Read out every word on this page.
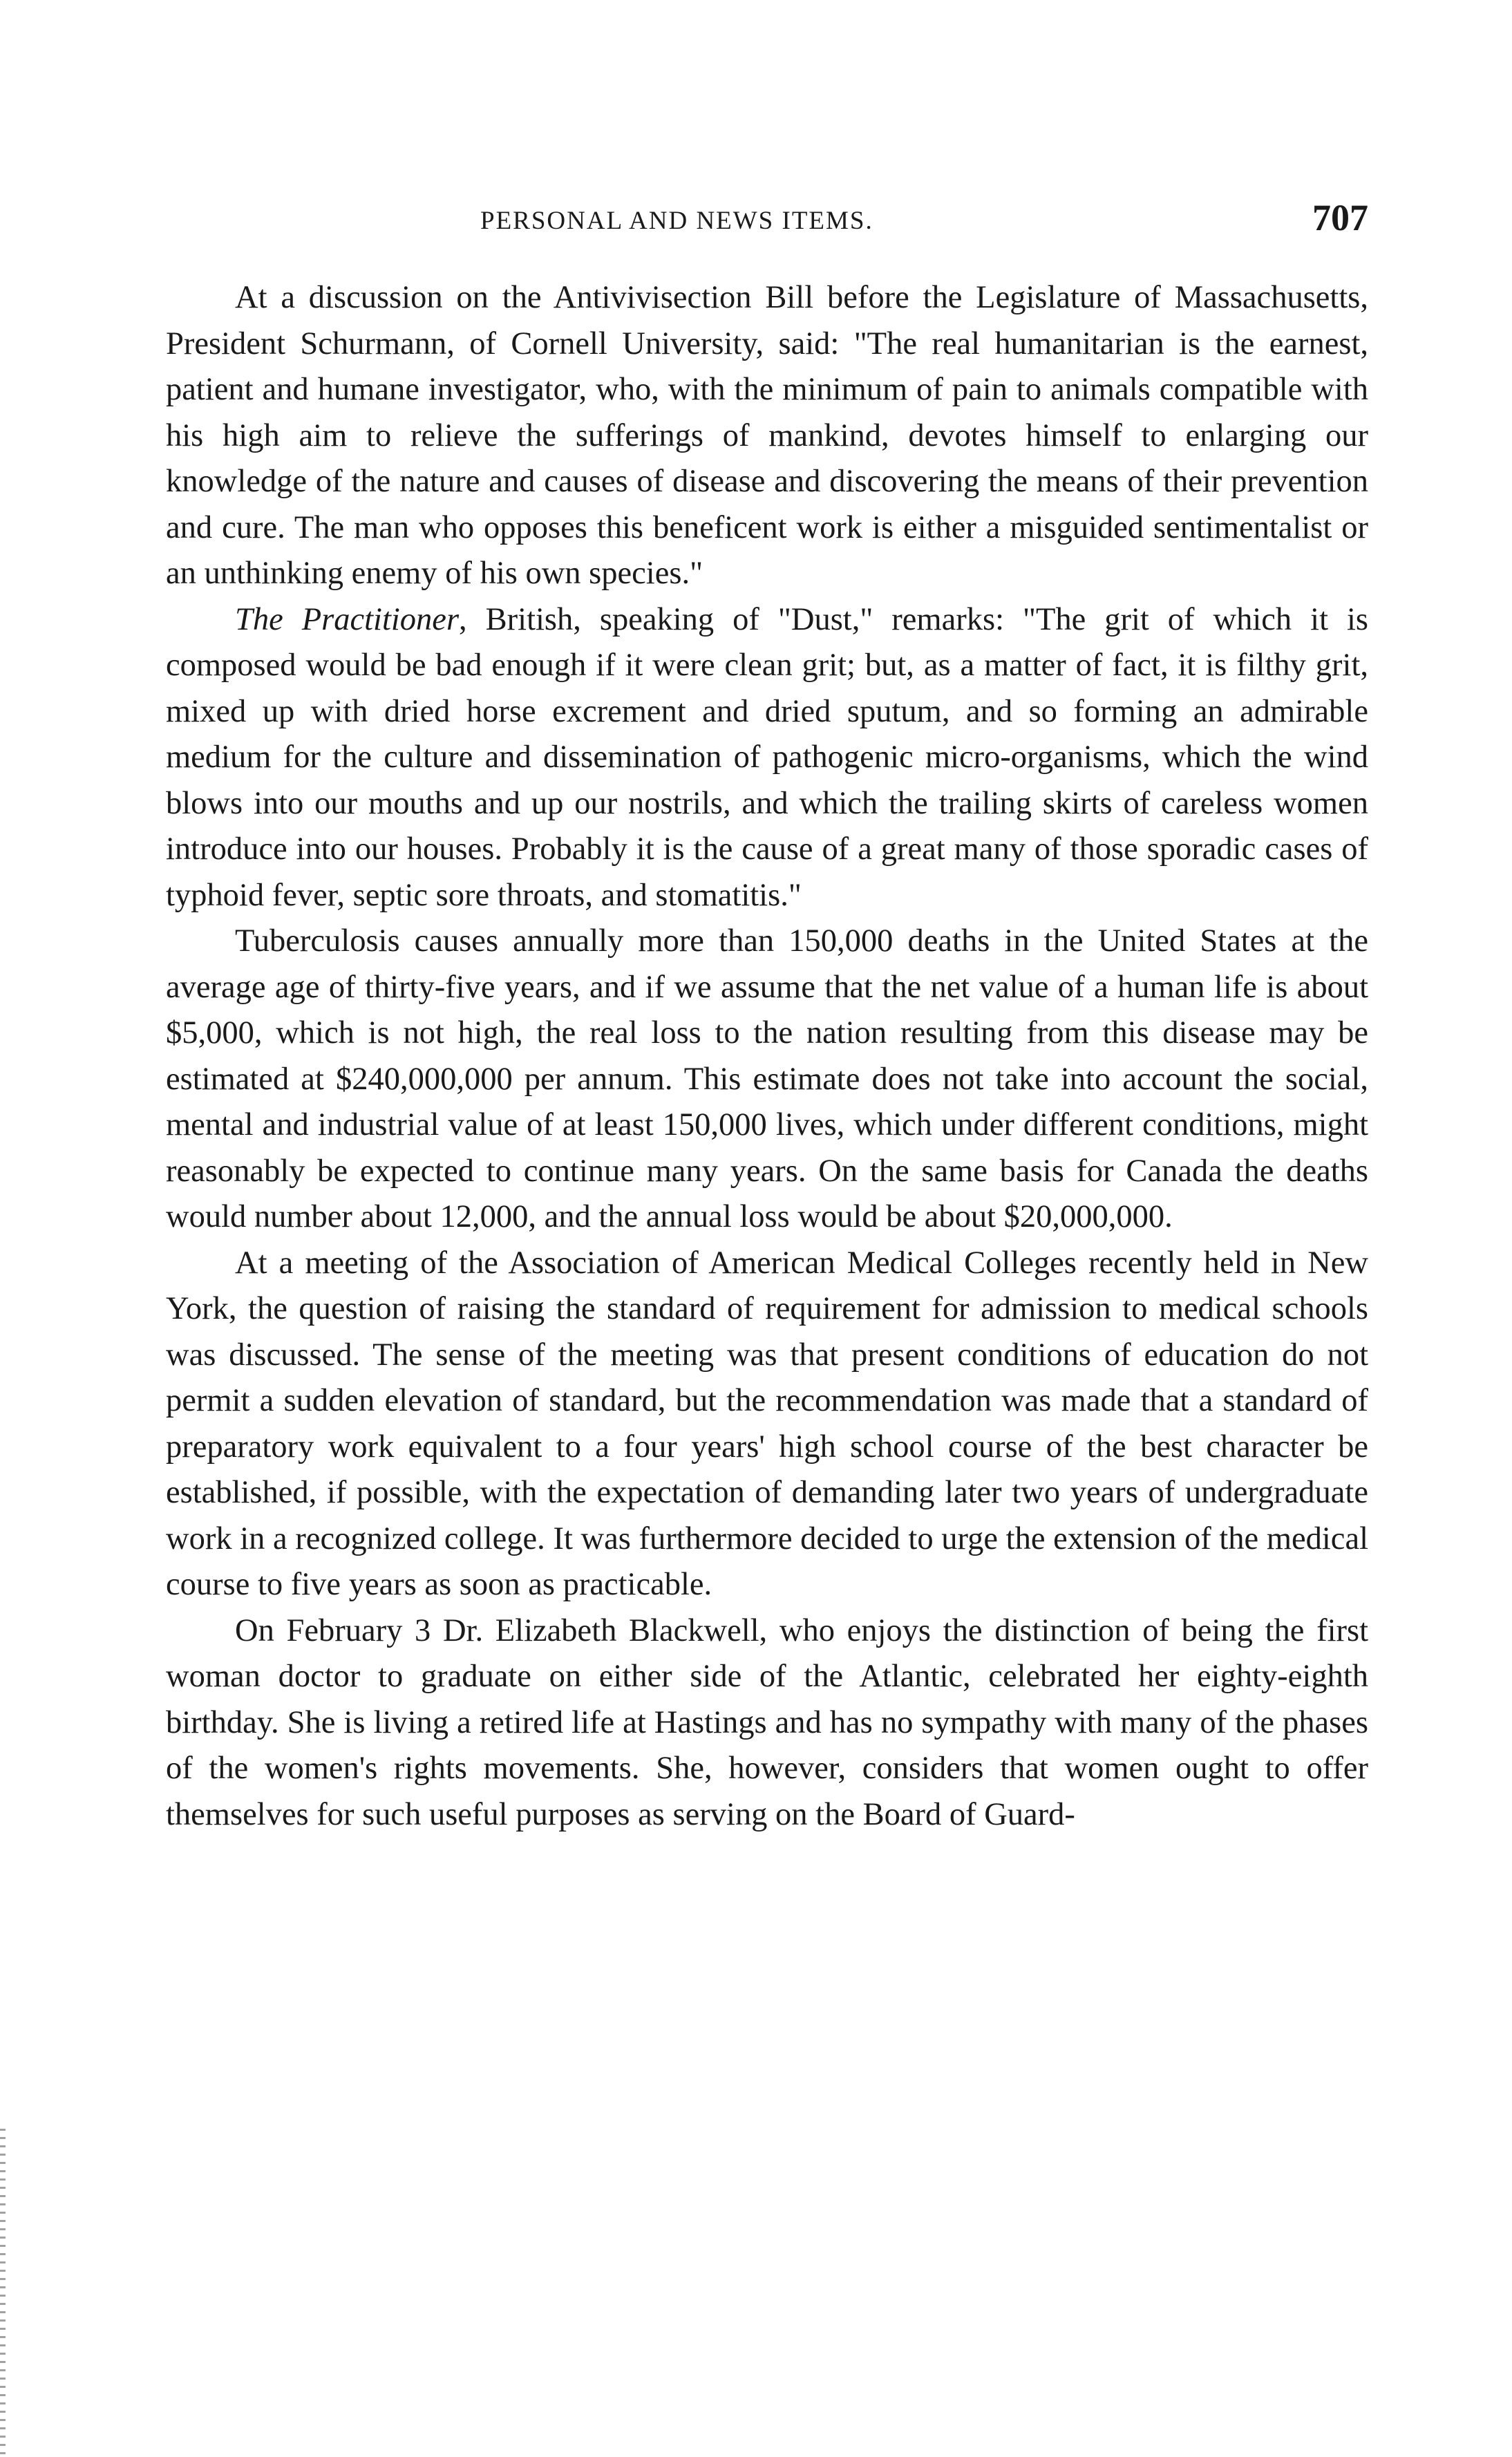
PERSONAL AND NEWS ITEMS.	707

At a discussion on the Antivivisection Bill before the Legislature of Massachusetts, President Schurmann, of Cornell University, said: "The real humanitarian is the earnest, patient and humane investigator, who, with the minimum of pain to animals compatible with his high aim to relieve the sufferings of mankind, devotes himself to enlarging our knowledge of the nature and causes of disease and discovering the means of their prevention and cure. The man who opposes this beneficent work is either a misguided sentimentalist or an unthinking enemy of his own species."

The Practitioner, British, speaking of "Dust," remarks: "The grit of which it is composed would be bad enough if it were clean grit; but, as a matter of fact, it is filthy grit, mixed up with dried horse excrement and dried sputum, and so forming an admirable medium for the culture and dissemination of pathogenic micro-organisms, which the wind blows into our mouths and up our nostrils, and which the trailing skirts of careless women introduce into our houses. Probably it is the cause of a great many of those sporadic cases of typhoid fever, septic sore throats, and stomatitis."

Tuberculosis causes annually more than 150,000 deaths in the United States at the average age of thirty-five years, and if we assume that the net value of a human life is about $5,000, which is not high, the real loss to the nation resulting from this disease may be estimated at $240,000,000 per annum. This estimate does not take into account the social, mental and industrial value of at least 150,000 lives, which under different conditions, might reasonably be expected to continue many years. On the same basis for Canada the deaths would number about 12,000, and the annual loss would be about $20,000,000.

At a meeting of the Association of American Medical Colleges recently held in New York, the question of raising the standard of requirement for admission to medical schools was discussed. The sense of the meeting was that present conditions of education do not permit a sudden elevation of standard, but the recommendation was made that a standard of preparatory work equivalent to a four years' high school course of the best character be established, if possible, with the expectation of demanding later two years of undergraduate work in a recognized college. It was furthermore decided to urge the extension of the medical course to five years as soon as practicable.

On February 3 Dr. Elizabeth Blackwell, who enjoys the distinction of being the first woman doctor to graduate on either side of the Atlantic, celebrated her eighty-eighth birthday. She is living a retired life at Hastings and has no sympathy with many of the phases of the women's rights movements. She, however, considers that women ought to offer themselves for such useful purposes as serving on the Board of Guard-
